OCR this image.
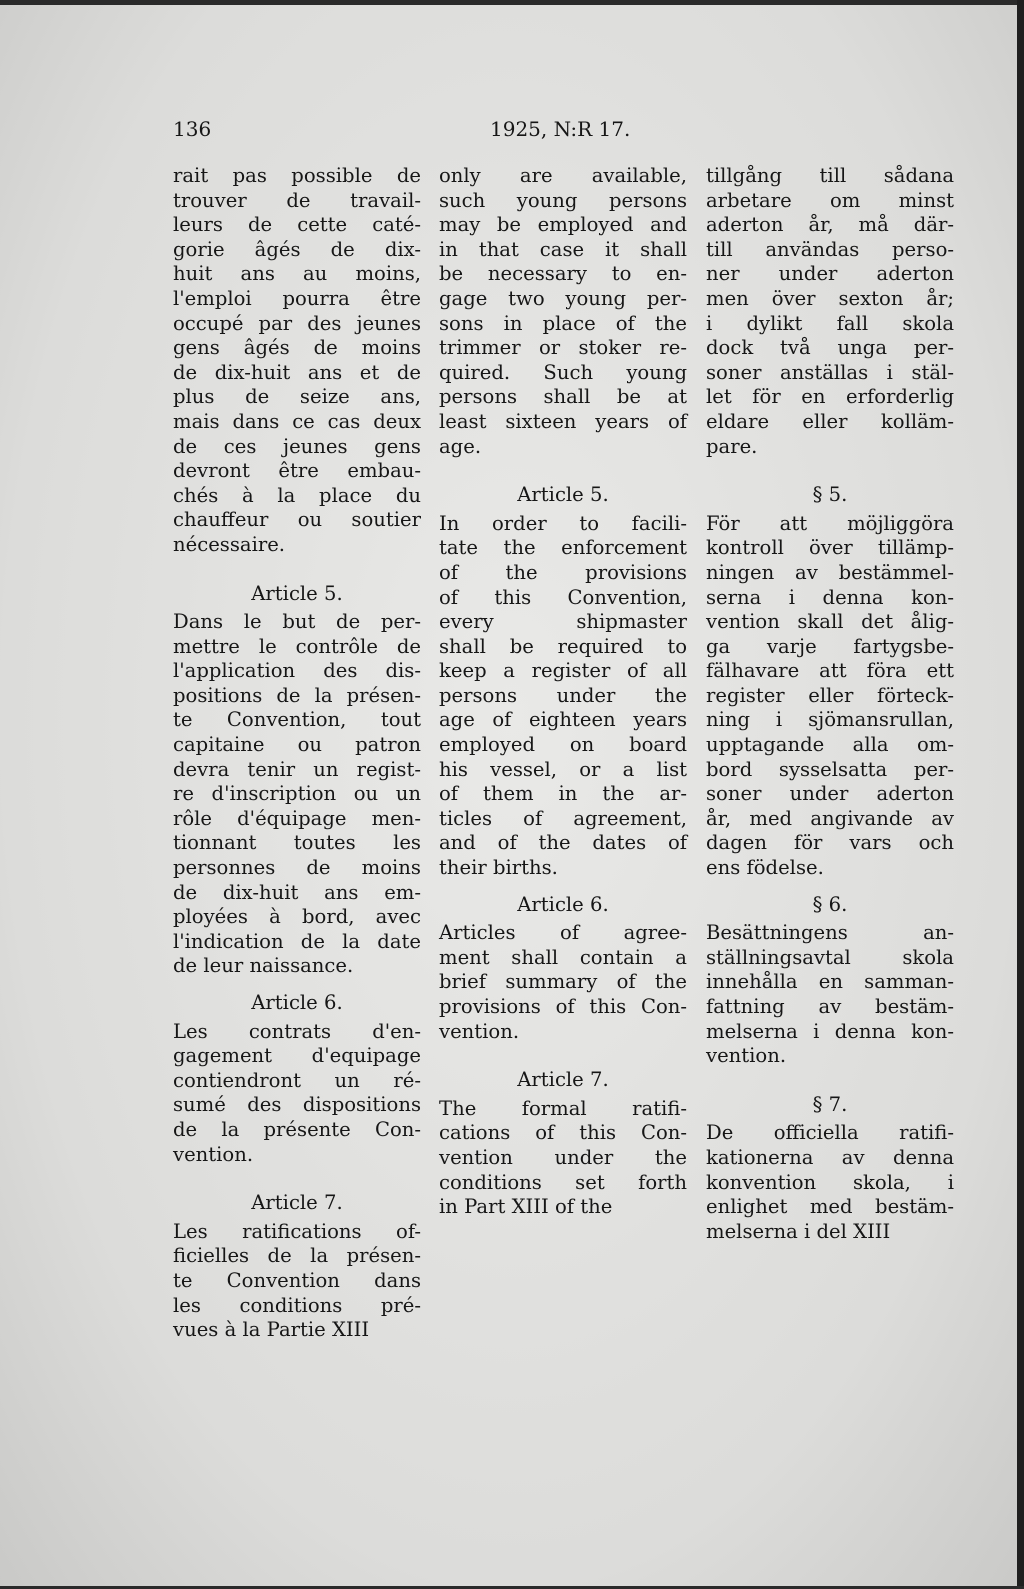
136	1925, N:R 17.
rait pas possible de
trouver de travail-
leurs de cette caté-
gorie âgés de dix-
huit ans au moins,
l'emploi pourra être
occupé par des jeunes
gens âgés de moins
de dix-huit ans et de
plus de seize ans,
mais dans ce cas deux
de ces jeunes gens
devront être embau-
chés à la place du
chauffeur ou soutier
nécessaire.
Article 5.
Dans le but de per-
mettre le contrôle de
l'application des dis-
positions de la présen-
te Convention, tout
capitaine ou patron
devra tenir un regist-
re d'inscription ou un
rôle d'équipage men-
tionnant toutes les
personnes de moins
de dix-huit ans em-
ployées à bord, avec
l'indication de la date
de leur naissance.
Article 6.
Les contrats d'en-
gagement d'equipage
contiendront un ré-
sumé des dispositions
de la présente Con-
vention.
Article 7.
Les ratifications of-
ficielles de la présen-
te Convention dans
les conditions pré-
vues à la Partie XIII
only are available,
such young persons
may be employed and
in that case it shall
be necessary to en-
gage two young per-
sons in place of the
trimmer or stoker re-
quired. Such young
persons shall be at
least sixteen years of
age.
Article 5.
In order to facili-
tate the enforcement
of the provisions
of this Convention,
every shipmaster
shall be required to
keep a register of all
persons under the
age of eighteen years
employed on board
his vessel, or a list
of them in the ar-
ticles of agreement,
and of the dates of
their births.
Article 6.
Articles of agree-
ment shall contain a
brief summary of the
provisions of this Con-
vention.
Article 7.
The formal ratifi-
cations of this Con-
vention under the
conditions set forth
in Part XIII of the
tillgång till sådana
arbetare om minst
aderton år, må där-
till användas perso-
ner under aderton
men över sexton år;
i dylikt fall skola
dock två unga per-
soner anställas i stäl-
let för en erforderlig
eldare eller kolläm-
pare.
§ 5.
För att möjliggöra
kontroll över tillämp-
ningen av bestämmel-
serna i denna kon-
vention skall det ålig-
ga varje fartygsbe-
fälhavare att föra ett
register eller förteck-
ning i sjömansrullan,
upptagande alla om-
bord sysselsatta per-
soner under aderton
år, med angivande av
dagen för vars och
ens födelse.
§ 6.
Besättningens an-
ställningsavtal skola
innehålla en samman-
fattning av bestäm-
melserna i denna kon-
vention.
§ 7.
De officiella ratifi-
kationerna av denna
konvention skola, i
enlighet med bestäm-
melserna i del XIII
